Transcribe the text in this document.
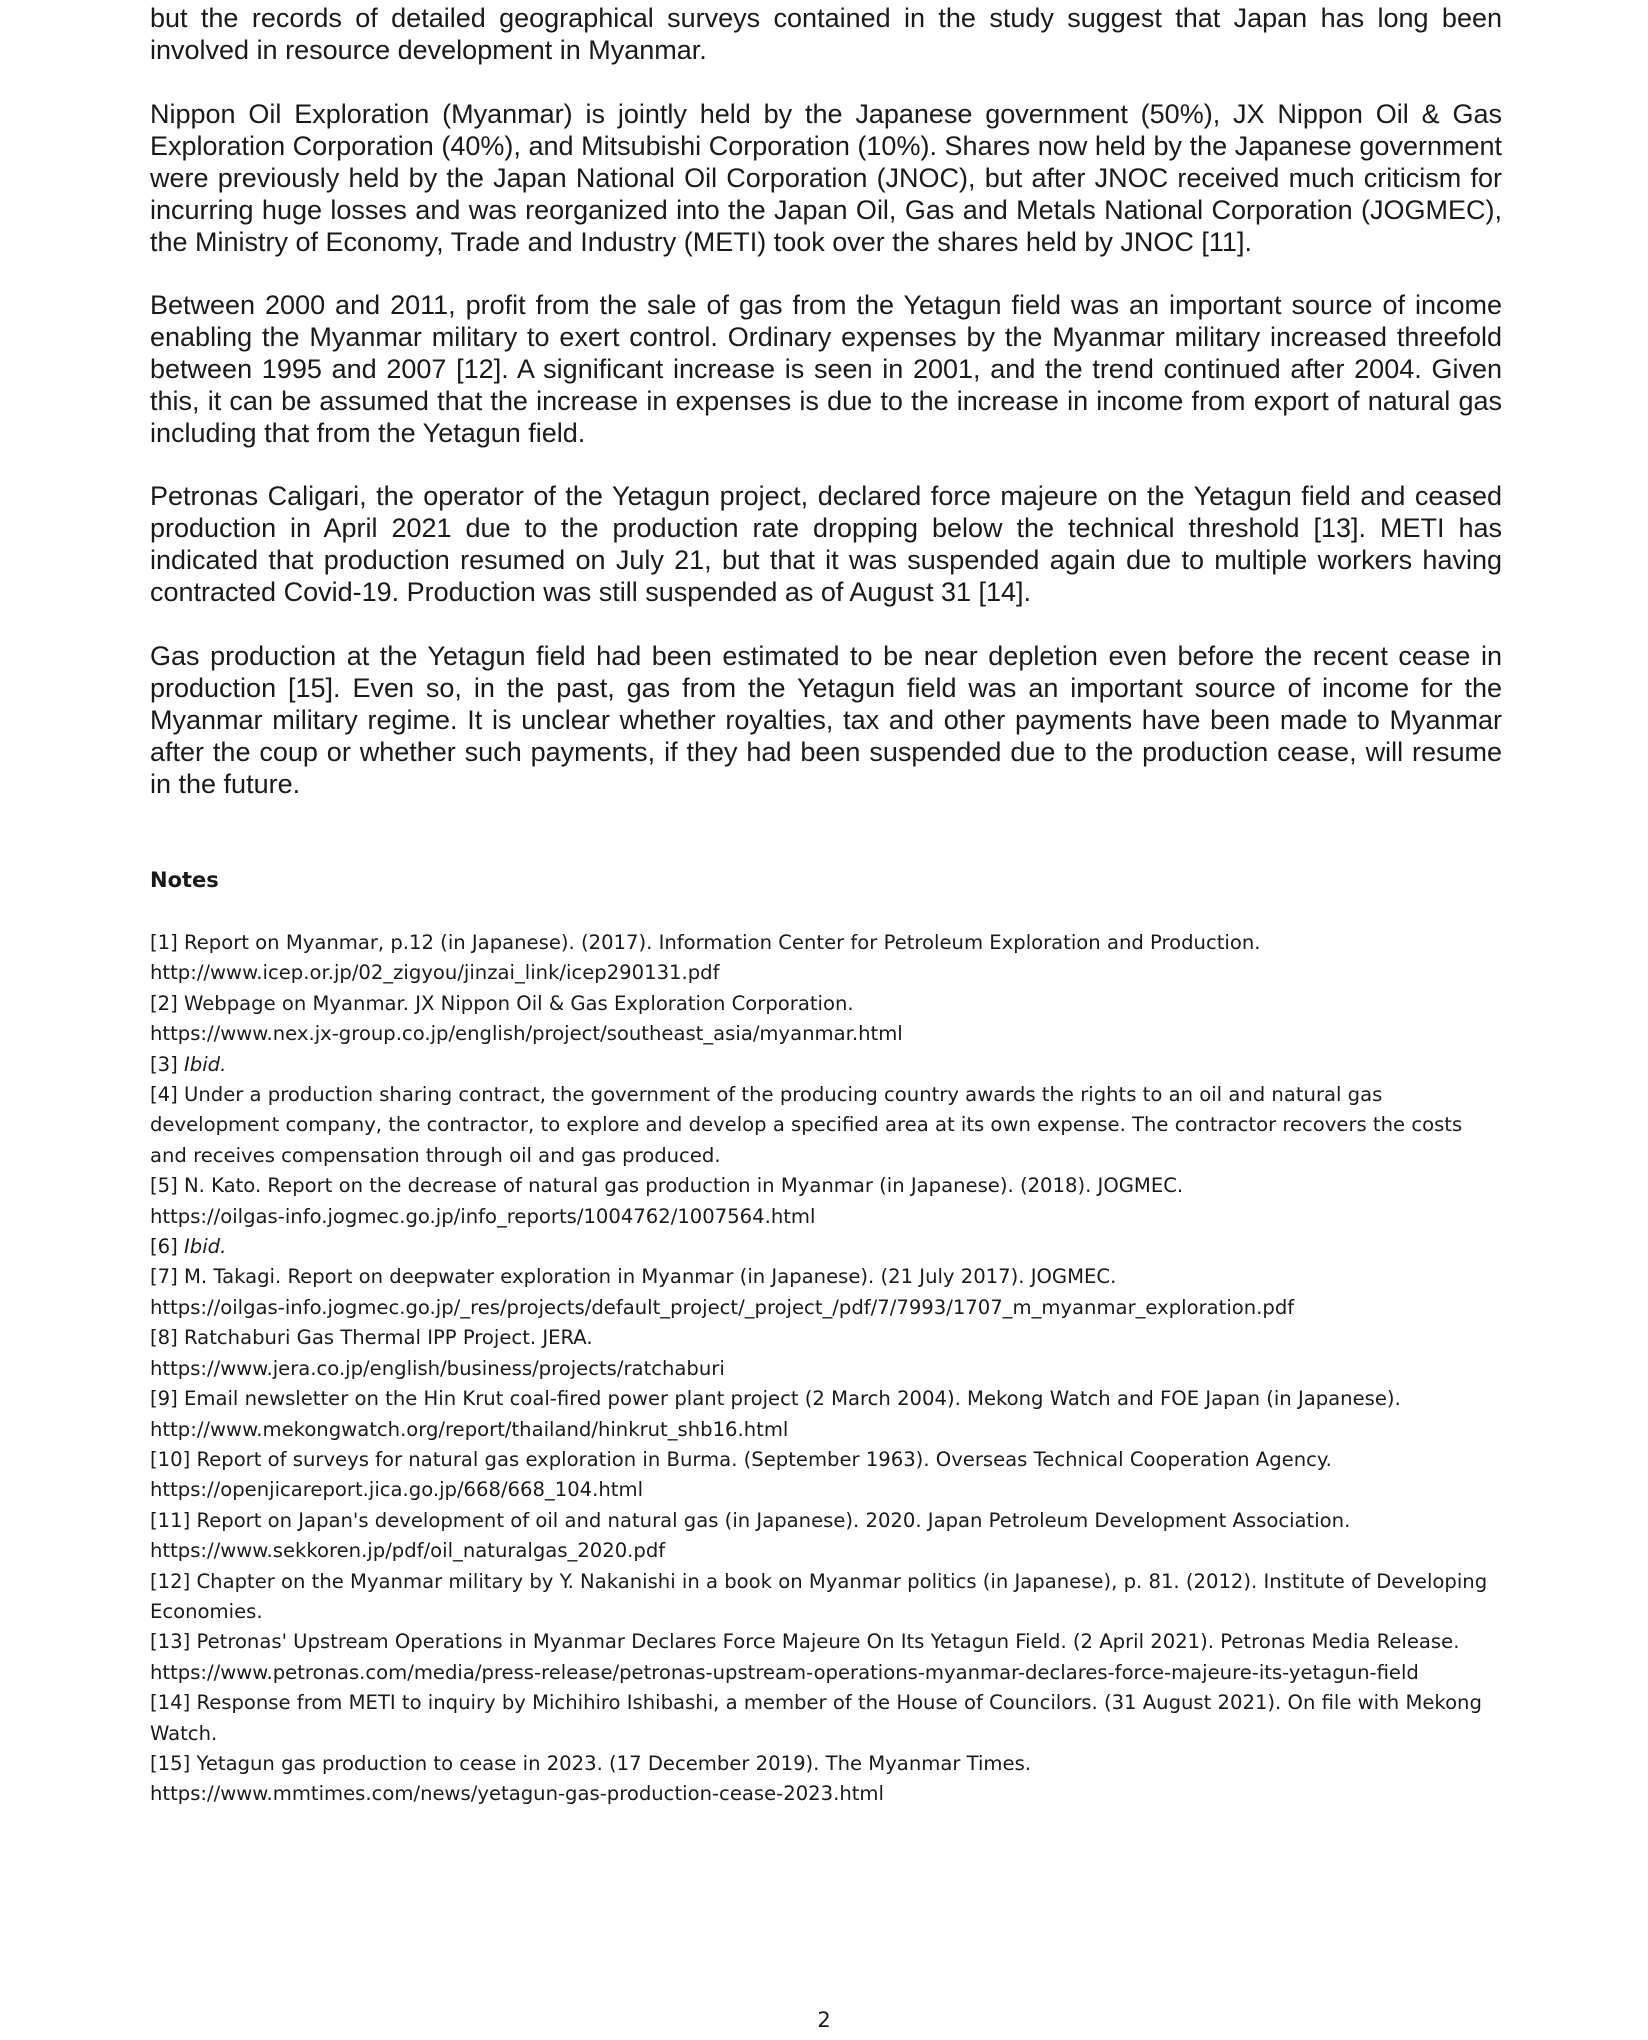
but the records of detailed geographical surveys contained in the study suggest that Japan has long been involved in resource development in Myanmar.

Nippon Oil Exploration (Myanmar) is jointly held by the Japanese government (50%), JX Nippon Oil & Gas Exploration Corporation (40%), and Mitsubishi Corporation (10%). Shares now held by the Japanese government were previously held by the Japan National Oil Corporation (JNOC), but after JNOC received much criticism for incurring huge losses and was reorganized into the Japan Oil, Gas and Metals National Corporation (JOGMEC), the Ministry of Economy, Trade and Industry (METI) took over the shares held by JNOC [11].

Between 2000 and 2011, profit from the sale of gas from the Yetagun field was an important source of income enabling the Myanmar military to exert control. Ordinary expenses by the Myanmar military increased threefold between 1995 and 2007 [12]. A significant increase is seen in 2001, and the trend continued after 2004. Given this, it can be assumed that the increase in expenses is due to the increase in income from export of natural gas including that from the Yetagun field.

Petronas Caligari, the operator of the Yetagun project, declared force majeure on the Yetagun field and ceased production in April 2021 due to the production rate dropping below the technical threshold [13]. METI has indicated that production resumed on July 21, but that it was suspended again due to multiple workers having contracted Covid-19. Production was still suspended as of August 31 [14].

Gas production at the Yetagun field had been estimated to be near depletion even before the recent cease in production [15]. Even so, in the past, gas from the Yetagun field was an important source of income for the Myanmar military regime. It is unclear whether royalties, tax and other payments have been made to Myanmar after the coup or whether such payments, if they had been suspended due to the production cease, will resume in the future.

Notes

[1] Report on Myanmar, p.12 (in Japanese). (2017). Information Center for Petroleum Exploration and Production.
http://www.icep.or.jp/02_zigyou/jinzai_link/icep290131.pdf

[2] Webpage on Myanmar. JX Nippon Oil & Gas Exploration Corporation.
https://www.nex.jx-group.co.jp/english/project/southeast_asia/myanmar.html

[3] Ibid.

[4] Under a production sharing contract, the government of the producing country awards the rights to an oil and natural gas development company, the contractor, to explore and develop a specified area at its own expense. The contractor recovers the costs and receives compensation through oil and gas produced.

[5] N. Kato. Report on the decrease of natural gas production in Myanmar (in Japanese). (2018). JOGMEC.
https://oilgas-info.jogmec.go.jp/info_reports/1004762/1007564.html

[6] Ibid.

[7] M. Takagi. Report on deepwater exploration in Myanmar (in Japanese). (21 July 2017). JOGMEC.
https://oilgas-info.jogmec.go.jp/_res/projects/default_project/_project_/pdf/7/7993/1707_m_myanmar_exploration.pdf

[8] Ratchaburi Gas Thermal IPP Project. JERA.
https://www.jera.co.jp/english/business/projects/ratchaburi

[9] Email newsletter on the Hin Krut coal-fired power plant project (2 March 2004). Mekong Watch and FOE Japan (in Japanese).
http://www.mekongwatch.org/report/thailand/hinkrut_shb16.html

[10] Report of surveys for natural gas exploration in Burma. (September 1963). Overseas Technical Cooperation Agency.
https://openjicareport.jica.go.jp/668/668_104.html

[11] Report on Japan's development of oil and natural gas (in Japanese). 2020. Japan Petroleum Development Association.
https://www.sekkoren.jp/pdf/oil_naturalgas_2020.pdf

[12] Chapter on the Myanmar military by Y. Nakanishi in a book on Myanmar politics (in Japanese), p. 81. (2012). Institute of Developing Economies.

[13] Petronas' Upstream Operations in Myanmar Declares Force Majeure On Its Yetagun Field. (2 April 2021). Petronas Media Release.
https://www.petronas.com/media/press-release/petronas-upstream-operations-myanmar-declares-force-majeure-its-yetagun-field

[14] Response from METI to inquiry by Michihiro Ishibashi, a member of the House of Councilors. (31 August 2021). On file with Mekong Watch.

[15] Yetagun gas production to cease in 2023. (17 December 2019). The Myanmar Times.
https://www.mmtimes.com/news/yetagun-gas-production-cease-2023.html

2
